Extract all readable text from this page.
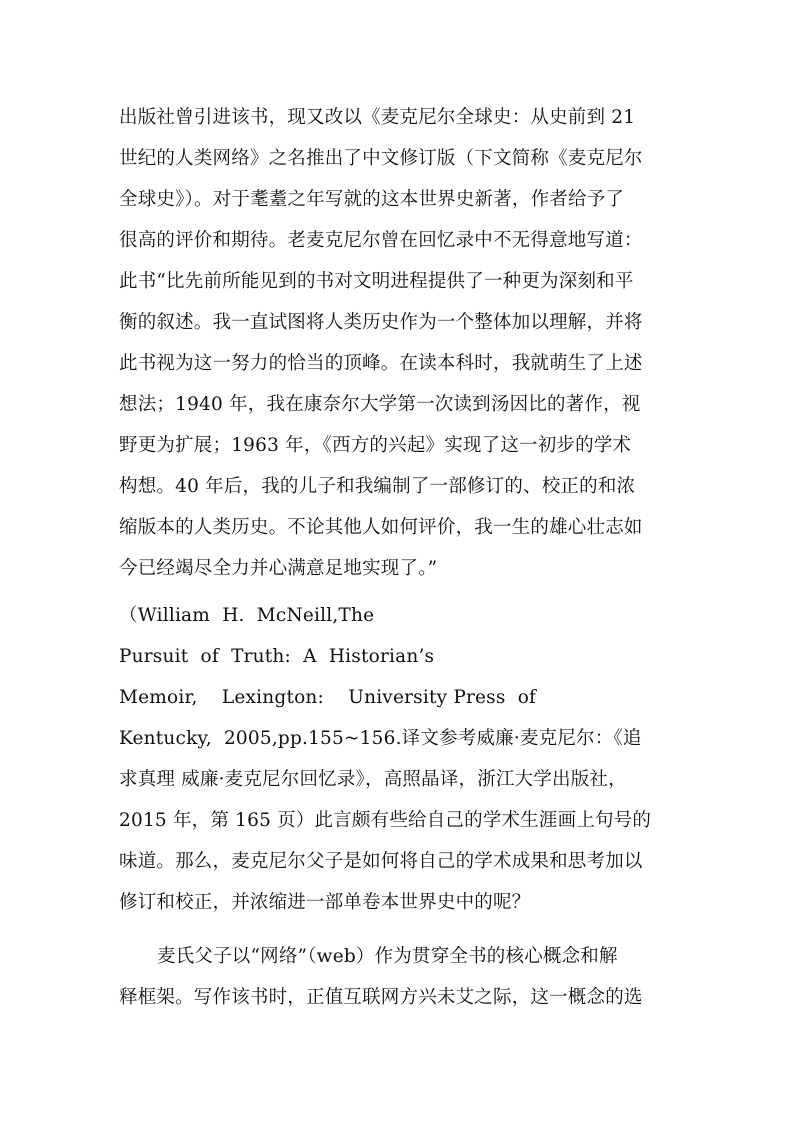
出版社曾引进该书，现又改以《麦克尼尔全球史：从史前到 21
世纪的人类网络》之名推出了中文修订版（下文简称《麦克尼尔
全球史》）。对于耄耋之年写就的这本世界史新著，作者给予了
很高的评价和期待。老麦克尼尔曾在回忆录中不无得意地写道：
此书“比先前所能见到的书对文明进程提供了一种更为深刻和平
衡的叙述。我一直试图将人类历史作为一个整体加以理解，并将
此书视为这一努力的恰当的顶峰。在读本科时，我就萌生了上述
想法；1940 年，我在康奈尔大学第一次读到汤因比的著作，视
野更为扩展；1963 年，《西方的兴起》实现了这一初步的学术
构想。40 年后，我的儿子和我编制了一部修订的、校正的和浓
缩版本的人类历史。不论其他人如何评价，我一生的雄心壮志如
今已经竭尽全力并心满意足地实现了。”
（William  H.  McNeill,The
Pursuit  of  Truth:  A  Historian’s
Memoir,    Lexington:    University Press  of
Kentucky,  2005,pp.155~156.译文参考威廉·麦克尼尔：《追
求真理 威廉·麦克尼尔回忆录》，高照晶译，浙江大学出版社，
2015 年，第 165 页）此言颇有些给自己的学术生涯画上句号的
味道。那么，麦克尼尔父子是如何将自己的学术成果和思考加以
修订和校正，并浓缩进一部单卷本世界史中的呢？
麦氏父子以“网络”（web）作为贯穿全书的核心概念和解
释框架。写作该书时，正值互联网方兴未艾之际，这一概念的选
